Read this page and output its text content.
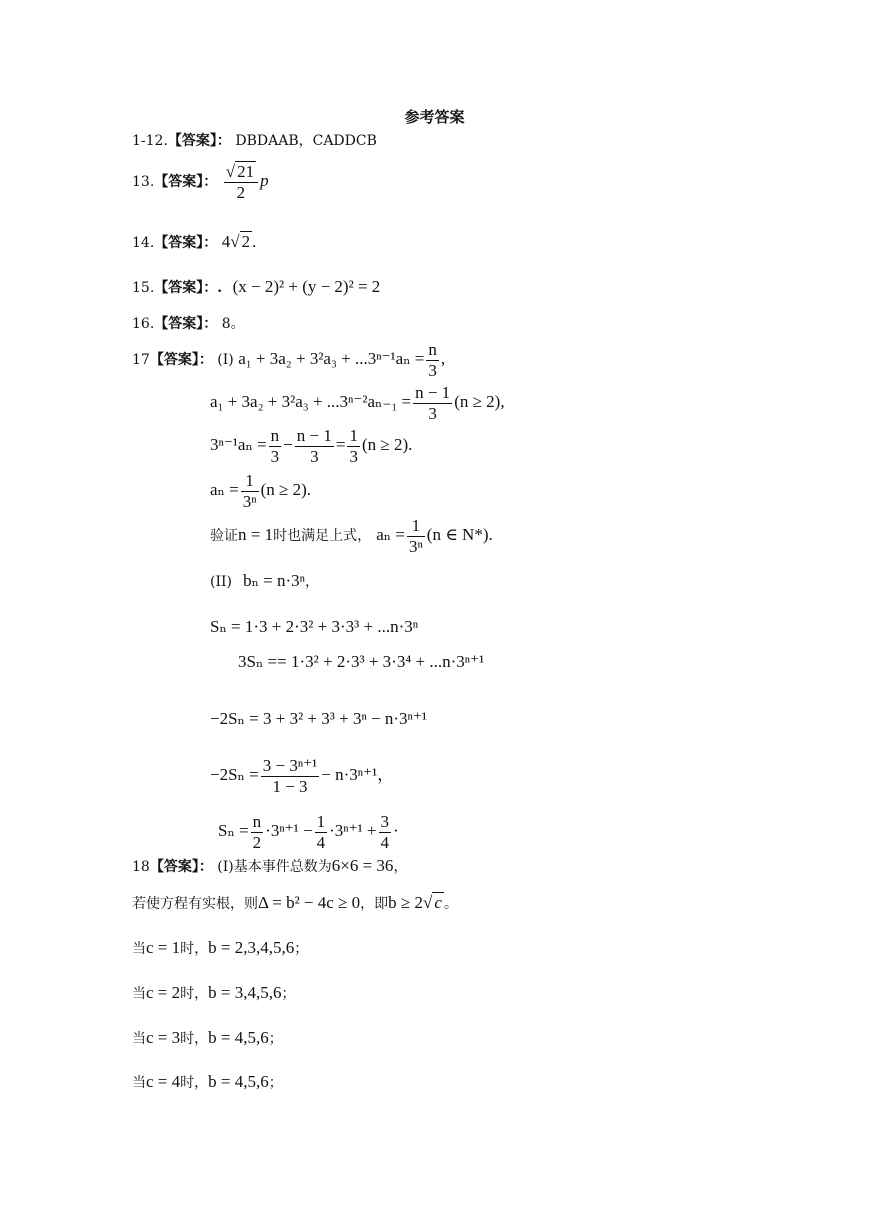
参考答案
1-12.【答案】： DBDAAB，CADDCB
13.【答案】： $\frac{√ 21}{2}$ p
14.【答案】： 4√ 2 .
15.【答案】：. (x − 2)² + (y − 2)² = 2
16.【答案】： 8。
17【答案】： (I) $a_1 + 3a_2 + 3^2a_3 + ...3^{n-1}a_n = \frac{n}{3}$ ,
$a_1 + 3a_2 + 3^2a_3 + ...3^{n-2}a_{n-1} = \frac{n - 1}{3} (n \ge 2)$,
$3^{n-1}a_n = \frac{n}{3} - \frac{n - 1}{3} = \frac{1}{3} (n \ge 2)$.
$a_n = \frac{1}{\text{3ⁿ}} (n \ge 2)$.
验证n = 1时也满足上式， $a_n = \frac{1}{\text{3ⁿ}} (n$ ∈ N*).
(II) bₙ = n·3ⁿ，
Sₙ = 1·3 + 2·3² + 3·3³ + ...n·3ⁿ
3Sₙ == 1·3² + 2·3³ + 3·3⁴ + ...n·3ⁿ⁺¹
−2Sₙ = 3 + 3² + 3³ + 3ⁿ − n·3ⁿ⁺¹
$-2S_n = \frac{\text{3 − 3ⁿ⁺¹}}{1 - 3} - n\cdot 3^{n+1}$，
$S_n = \frac{n}{2} \cdot 3^{n+1} - \frac{1}{4} \cdot 3^{n+1} + \frac{3}{4}$ ·
18【答案】： (I)基本事件总数为6×6 = 36，
若使方程有实根，则Δ = b² − 4c ≥ 0，即b ≥ 2√ c 。
当c = 1时，b = 2,3,4,5,6；
当c = 2时，b = 3,4,5,6；
当c = 3时，b = 4,5,6；
当c = 4时，b = 4,5,6；
